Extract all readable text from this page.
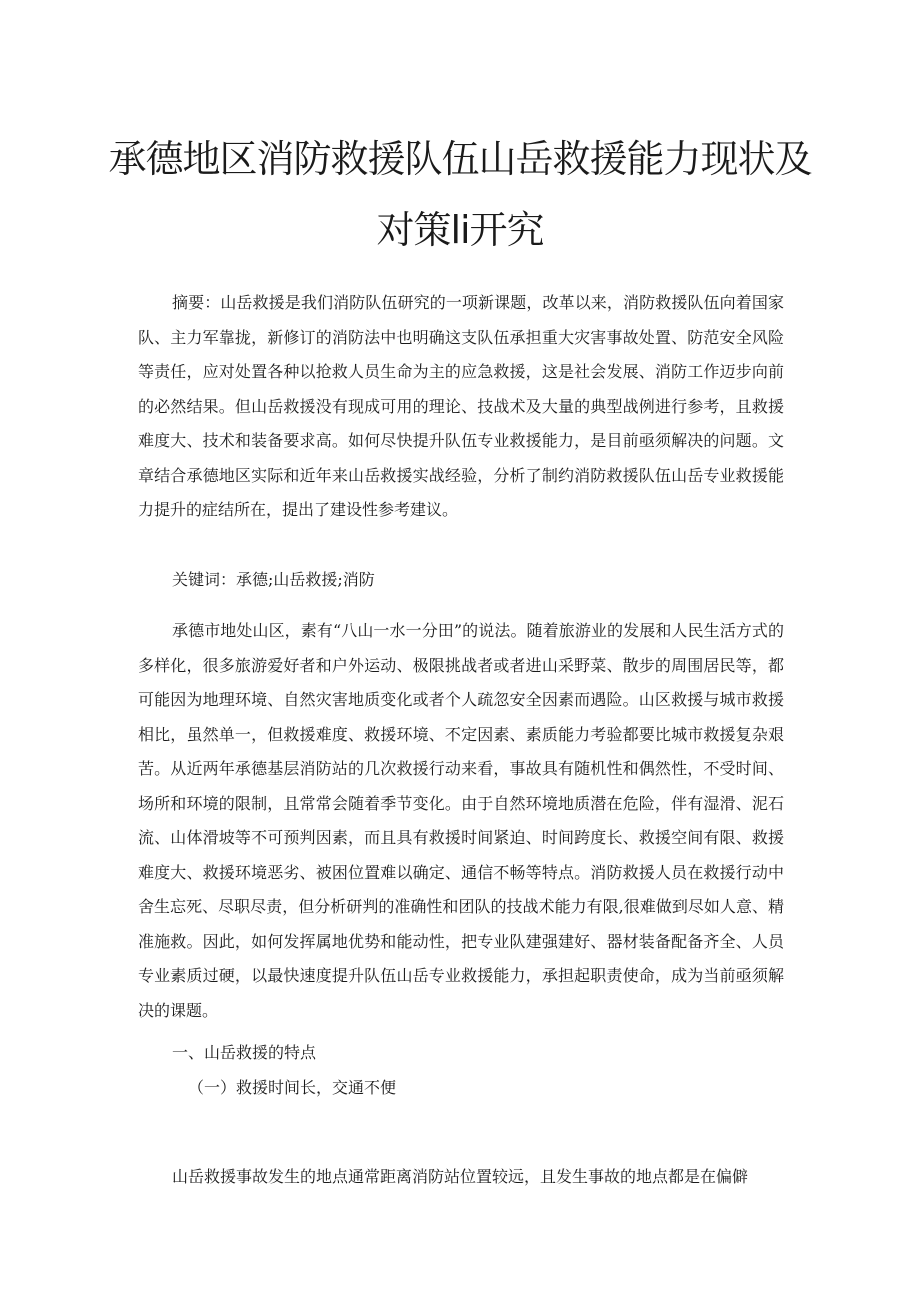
承德地区消防救援队伍山岳救援能力现状及
对策li开究

摘要：山岳救援是我们消防队伍研究的一项新课题，改革以来，消防救援队伍向着国家队、主力军靠拢，新修订的消防法中也明确这支队伍承担重大灾害事故处置、防范安全风险等责任，应对处置各种以抢救人员生命为主的应急救援，这是社会发展、消防工作迈步向前的必然结果。但山岳救援没有现成可用的理论、技战术及大量的典型战例进行参考，且救援难度大、技术和装备要求高。如何尽快提升队伍专业救援能力，是目前亟须解决的问题。文章结合承德地区实际和近年来山岳救援实战经验，分析了制约消防救援队伍山岳专业救援能力提升的症结所在，提出了建设性参考建议。

关键词：承德;山岳救援;消防

承德市地处山区，素有“八山一水一分田”的说法。随着旅游业的发展和人民生活方式的多样化，很多旅游爱好者和户外运动、极限挑战者或者进山采野菜、散步的周围居民等，都可能因为地理环境、自然灾害地质变化或者个人疏忽安全因素而遇险。山区救援与城市救援相比，虽然单一，但救援难度、救援环境、不定因素、素质能力考验都要比城市救援复杂艰苦。从近两年承德基层消防站的几次救援行动来看，事故具有随机性和偶然性，不受时间、场所和环境的限制，且常常会随着季节变化。由于自然环境地质潜在危险，伴有湿滑、泥石流、山体滑坡等不可预判因素，而且具有救援时间紧迫、时间跨度长、救援空间有限、救援难度大、救援环境恶劣、被困位置难以确定、通信不畅等特点。消防救援人员在救援行动中舍生忘死、尽职尽责，但分析研判的准确性和团队的技战术能力有限,很难做到尽如人意、精准施救。因此，如何发挥属地优势和能动性，把专业队建强建好、器材装备配备齐全、人员专业素质过硬，以最快速度提升队伍山岳专业救援能力，承担起职责使命，成为当前亟须解决的课题。

一、山岳救援的特点

（一）救援时间长，交通不便

山岳救援事故发生的地点通常距离消防站位置较远，且发生事故的地点都是在偏僻
